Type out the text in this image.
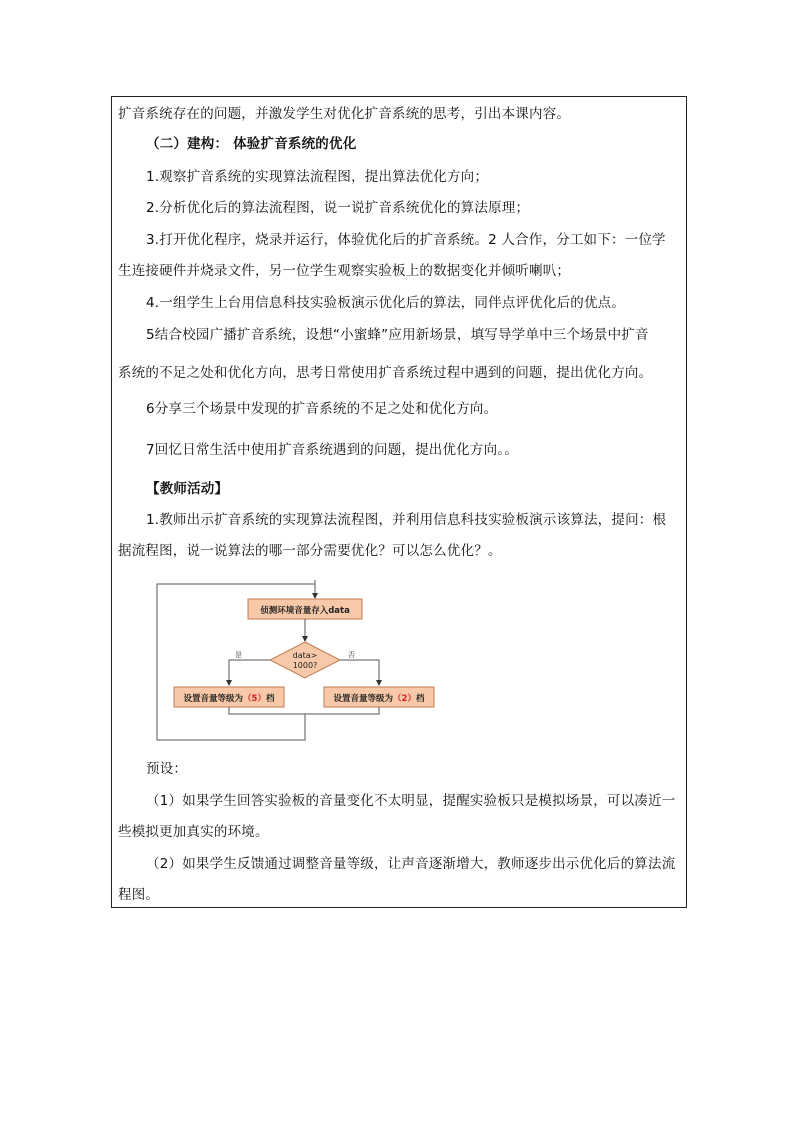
扩音系统存在的问题，并激发学生对优化扩音系统的思考，引出本课内容。
（二）建构： 体验扩音系统的优化
1.观察扩音系统的实现算法流程图，提出算法优化方向；
2.分析优化后的算法流程图，说一说扩音系统优化的算法原理；
3.打开优化程序，烧录并运行，体验优化后的扩音系统。2 人合作，分工如下：一位学
生连接硬件并烧录文件，另一位学生观察实验板上的数据变化并倾听喇叭；
4.一组学生上台用信息科技实验板演示优化后的算法，同伴点评优化后的优点。
5结合校园广播扩音系统，设想“小蜜蜂”应用新场景，填写导学单中三个场景中扩音
系统的不足之处和优化方向，思考日常使用扩音系统过程中遇到的问题，提出优化方向。
6分享三个场景中发现的扩音系统的不足之处和优化方向。
7回忆日常生活中使用扩音系统遇到的问题，提出优化方向。。
【教师活动】
1.教师出示扩音系统的实现算法流程图，并利用信息科技实验板演示该算法，提问：根
据流程图，说一说算法的哪一部分需要优化？可以怎么优化？。
侦测环境音量存入data
data>
1000?
是	否
设置音量等级为（5）档	设置音量等级为（2）档
预设：
（1）如果学生回答实验板的音量变化不太明显，提醒实验板只是模拟场景，可以凑近一
些模拟更加真实的环境。
（2）如果学生反馈通过调整音量等级，让声音逐渐增大，教师逐步出示优化后的算法流
程图。
